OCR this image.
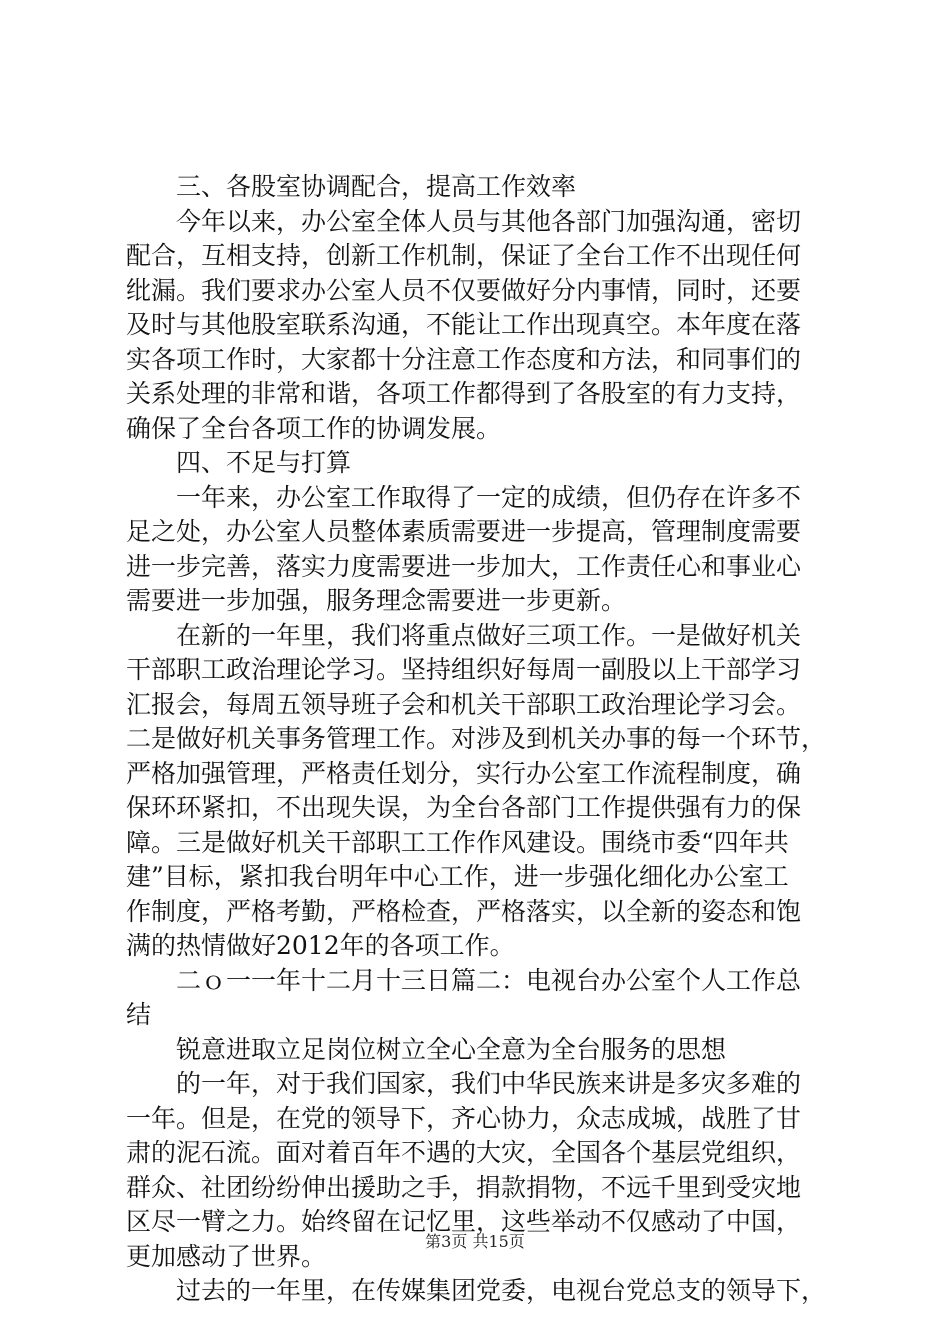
　　三、各股室协调配合，提高工作效率
　　今年以来，办公室全体人员与其他各部门加强沟通，密切
配合，互相支持，创新工作机制，保证了全台工作不出现任何
纰漏。我们要求办公室人员不仅要做好分内事情，同时，还要
及时与其他股室联系沟通，不能让工作出现真空。本年度在落
实各项工作时，大家都十分注意工作态度和方法，和同事们的
关系处理的非常和谐，各项工作都得到了各股室的有力支持，
确保了全台各项工作的协调发展。
　　四、不足与打算
　　一年来，办公室工作取得了一定的成绩，但仍存在许多不
足之处，办公室人员整体素质需要进一步提高，管理制度需要
进一步完善，落实力度需要进一步加大，工作责任心和事业心
需要进一步加强，服务理念需要进一步更新。
　　在新的一年里，我们将重点做好三项工作。一是做好机关
干部职工政治理论学习。坚持组织好每周一副股以上干部学习
汇报会，每周五领导班子会和机关干部职工政治理论学习会。
二是做好机关事务管理工作。对涉及到机关办事的每一个环节，
严格加强管理，严格责任划分，实行办公室工作流程制度，确
保环环紧扣，不出现失误，为全台各部门工作提供强有力的保
障。三是做好机关干部职工工作作风建设。围绕市委“四年共
建”目标，紧扣我台明年中心工作，进一步强化细化办公室工
作制度，严格考勤，严格检查，严格落实，以全新的姿态和饱
满的热情做好2012年的各项工作。
　　二ｏ一一年十二月十三日篇二：电视台办公室个人工作总
结
　　锐意进取立足岗位树立全心全意为全台服务的思想
　　的一年，对于我们国家，我们中华民族来讲是多灾多难的
一年。但是，在党的领导下，齐心协力，众志成城，战胜了甘
肃的泥石流。面对着百年不遇的大灾，全国各个基层党组织，
群众、社团纷纷伸出援助之手，捐款捐物，不远千里到受灾地
区尽一臂之力。始终留在记忆里，这些举动不仅感动了中国，
更加感动了世界。
　　过去的一年里，在传媒集团党委，电视台党总支的领导下，
第3页 共15页
